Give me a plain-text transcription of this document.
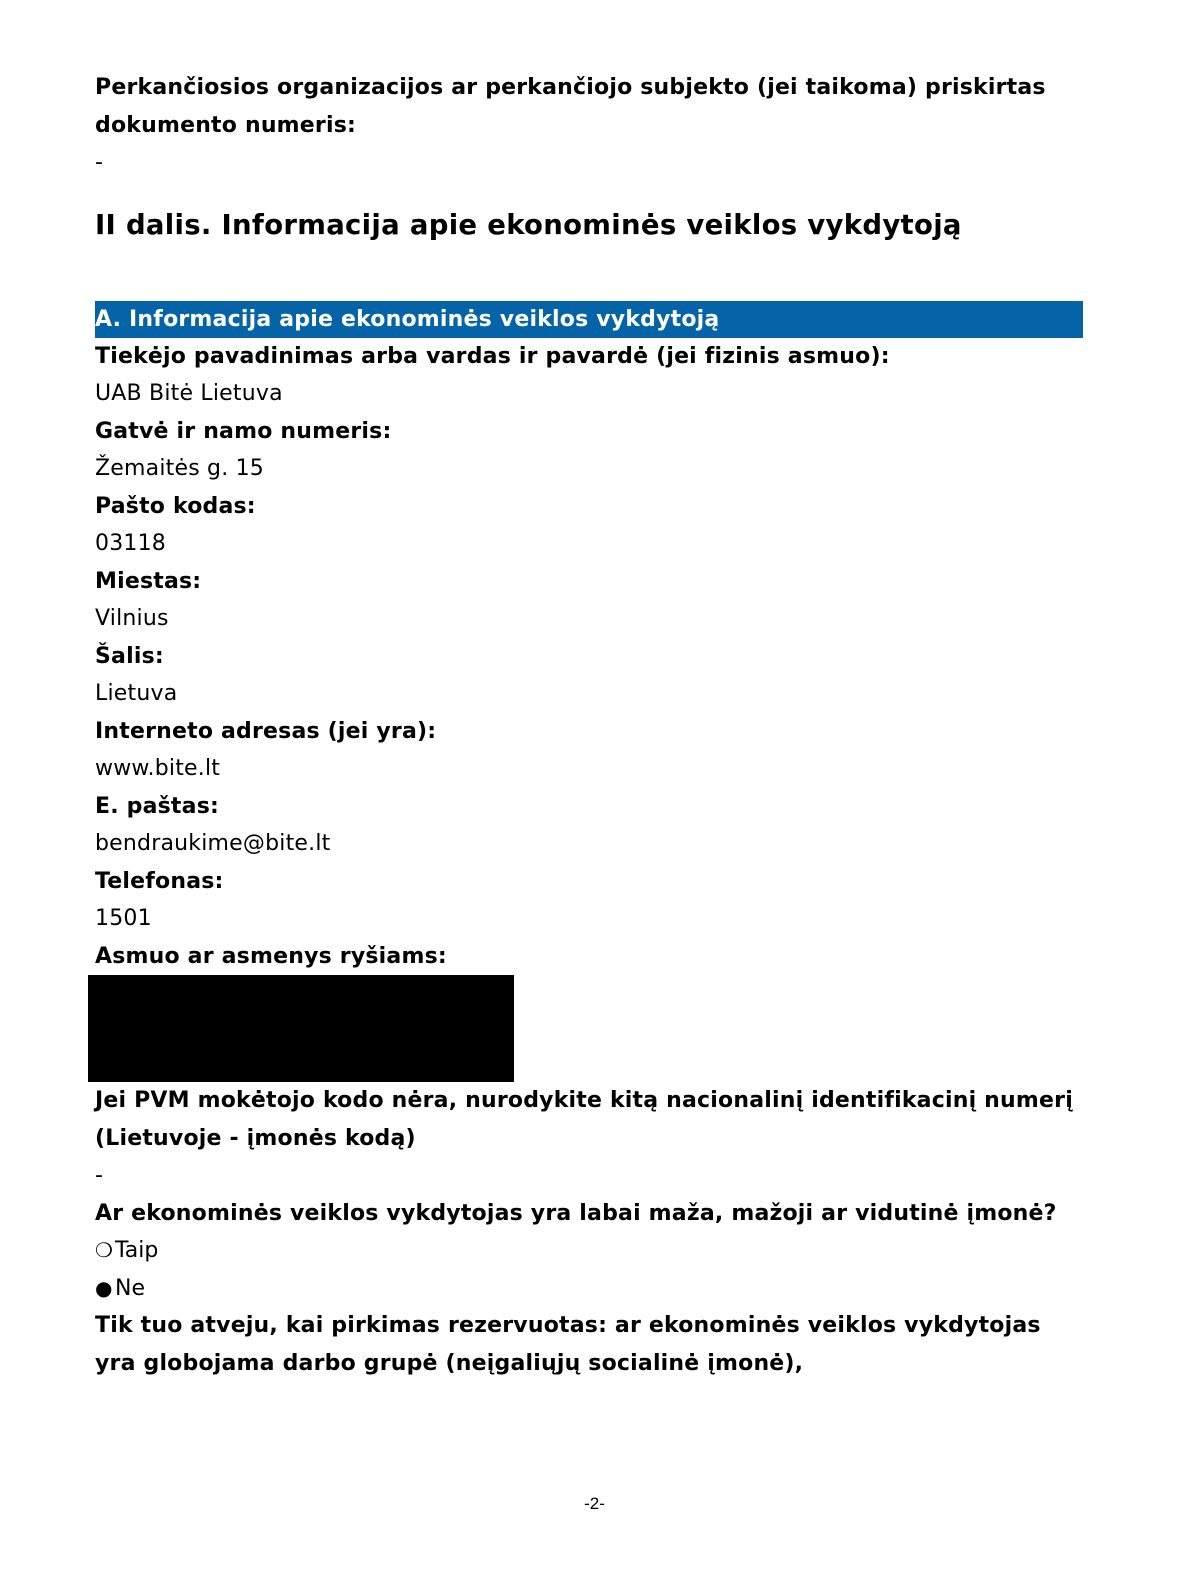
Perkančiosios organizacijos ar perkančiojo subjekto (jei taikoma) priskirtas dokumento numeris:
-
II dalis. Informacija apie ekonominės veiklos vykdytoją
A. Informacija apie ekonominės veiklos vykdytoją
Tiekėjo pavadinimas arba vardas ir pavardė (jei fizinis asmuo):
UAB Bitė Lietuva
Gatvė ir namo numeris:
Žemaitės g. 15
Pašto kodas:
03118
Miestas:
Vilnius
Šalis:
Lietuva
Interneto adresas (jei yra):
www.bite.lt
E. paštas:
bendraukime@bite.lt
Telefonas:
1501
Asmuo ar asmenys ryšiams:
Jei PVM mokėtojo kodo nėra, nurodykite kitą nacionalinį identifikacinį numerį (Lietuvoje - įmonės kodą)
-
Ar ekonominės veiklos vykdytojas yra labai maža, mažoji ar vidutinė įmonė?
❍Taip
● Ne
Tik tuo atveju, kai pirkimas rezervuotas: ar ekonominės veiklos vykdytojas yra globojama darbo grupė (neįgaliųjų socialinė įmonė),
-2-
